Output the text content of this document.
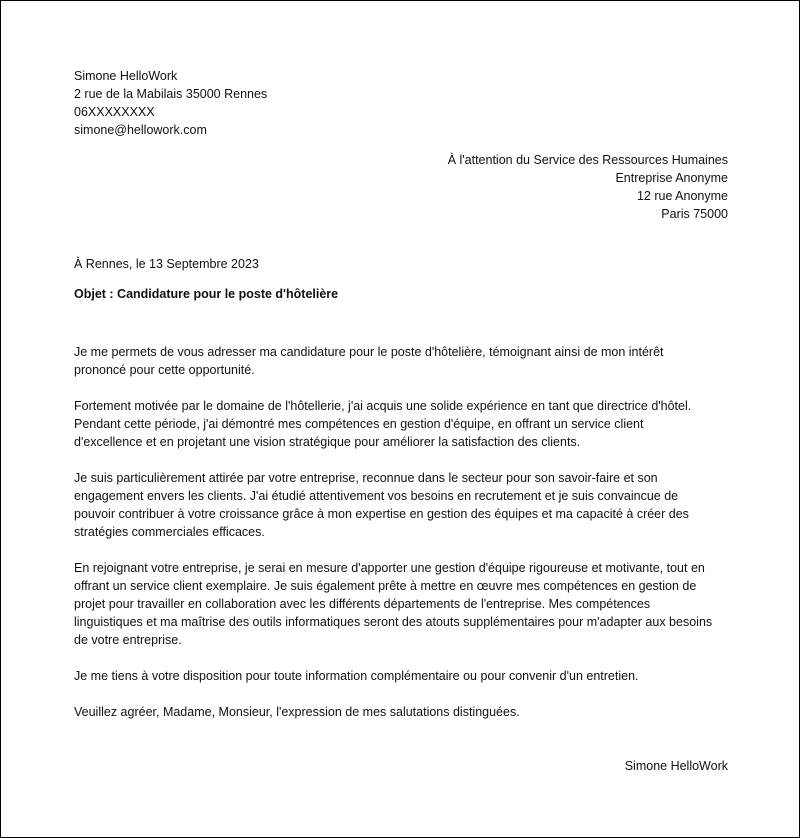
Simone HelloWork
2 rue de la Mabilais 35000 Rennes
06XXXXXXXX
simone@hellowork.com
À l'attention du Service des Ressources Humaines
Entreprise Anonyme
12 rue Anonyme
Paris 75000
À Rennes, le 13 Septembre 2023
Objet : Candidature pour le poste d'hôtelière

Je me permets de vous adresser ma candidature pour le poste d'hôtelière, témoignant ainsi de mon intérêt
prononcé pour cette opportunité.

Fortement motivée par le domaine de l'hôtellerie, j'ai acquis une solide expérience en tant que directrice d'hôtel.
Pendant cette période, j'ai démontré mes compétences en gestion d'équipe, en offrant un service client
d'excellence et en projetant une vision stratégique pour améliorer la satisfaction des clients.

Je suis particulièrement attirée par votre entreprise, reconnue dans le secteur pour son savoir-faire et son
engagement envers les clients. J'ai étudié attentivement vos besoins en recrutement et je suis convaincue de
pouvoir contribuer à votre croissance grâce à mon expertise en gestion des équipes et ma capacité à créer des
stratégies commerciales efficaces.

En rejoignant votre entreprise, je serai en mesure d'apporter une gestion d'équipe rigoureuse et motivante, tout en
offrant un service client exemplaire. Je suis également prête à mettre en œuvre mes compétences en gestion de
projet pour travailler en collaboration avec les différents départements de l'entreprise. Mes compétences
linguistiques et ma maîtrise des outils informatiques seront des atouts supplémentaires pour m'adapter aux besoins
de votre entreprise.

Je me tiens à votre disposition pour toute information complémentaire ou pour convenir d'un entretien.

Veuillez agréer, Madame, Monsieur, l'expression de mes salutations distinguées.

Simone HelloWork
